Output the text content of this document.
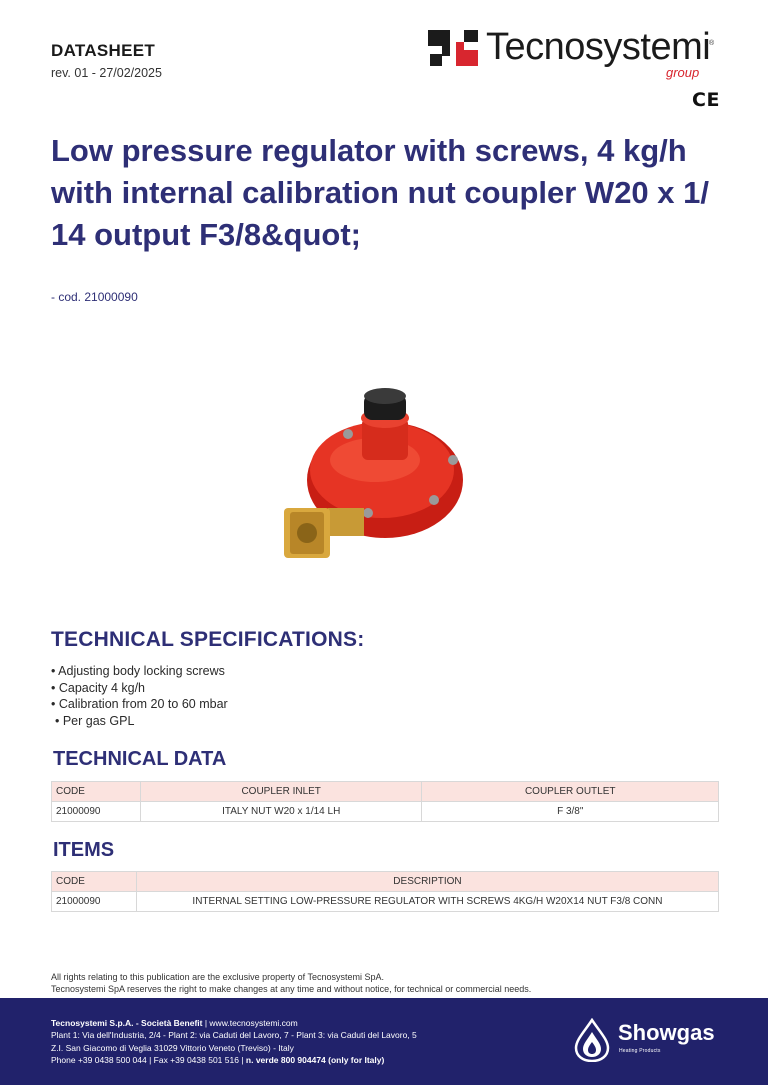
DATASHEET
rev. 01 - 27/02/2025
Tecnosystemi
®
group
CE
Low pressure regulator with screws, 4 kg/h with internal calibration nut coupler W20 x 1/ 14 output F3/8&quot;
- cod. 21000090
TECHNICAL SPECIFICATIONS:
• Adjusting body locking screws
• Capacity 4 kg/h
• Calibration from 20 to 60 mbar
• Per gas GPL
TECHNICAL DATA
CODE	COUPLER INLET	COUPLER OUTLET
21000090	ITALY NUT W20 x 1/14 LH	F 3/8"
ITEMS
CODE	DESCRIPTION
21000090	INTERNAL SETTING LOW-PRESSURE REGULATOR WITH SCREWS 4KG/H W20X14 NUT F3/8 CONN
All rights relating to this publication are the exclusive property of Tecnosystemi SpA.
Tecnosystemi SpA reserves the right to make changes at any time and without notice, for technical or commercial needs.
Tecnosystemi S.p.A. - Società Benefit | www.tecnosystemi.com
Plant 1: Via dell'Industria, 2/4 - Plant 2: via Caduti del Lavoro, 7 - Plant 3: via Caduti del Lavoro, 5
Z.I. San Giacomo di Veglia 31029 Vittorio Veneto (Treviso) - Italy
Phone +39 0438 500 044 | Fax +39 0438 501 516 | n. verde 800 904474 (only for Italy)
Showgas
Heating Products
